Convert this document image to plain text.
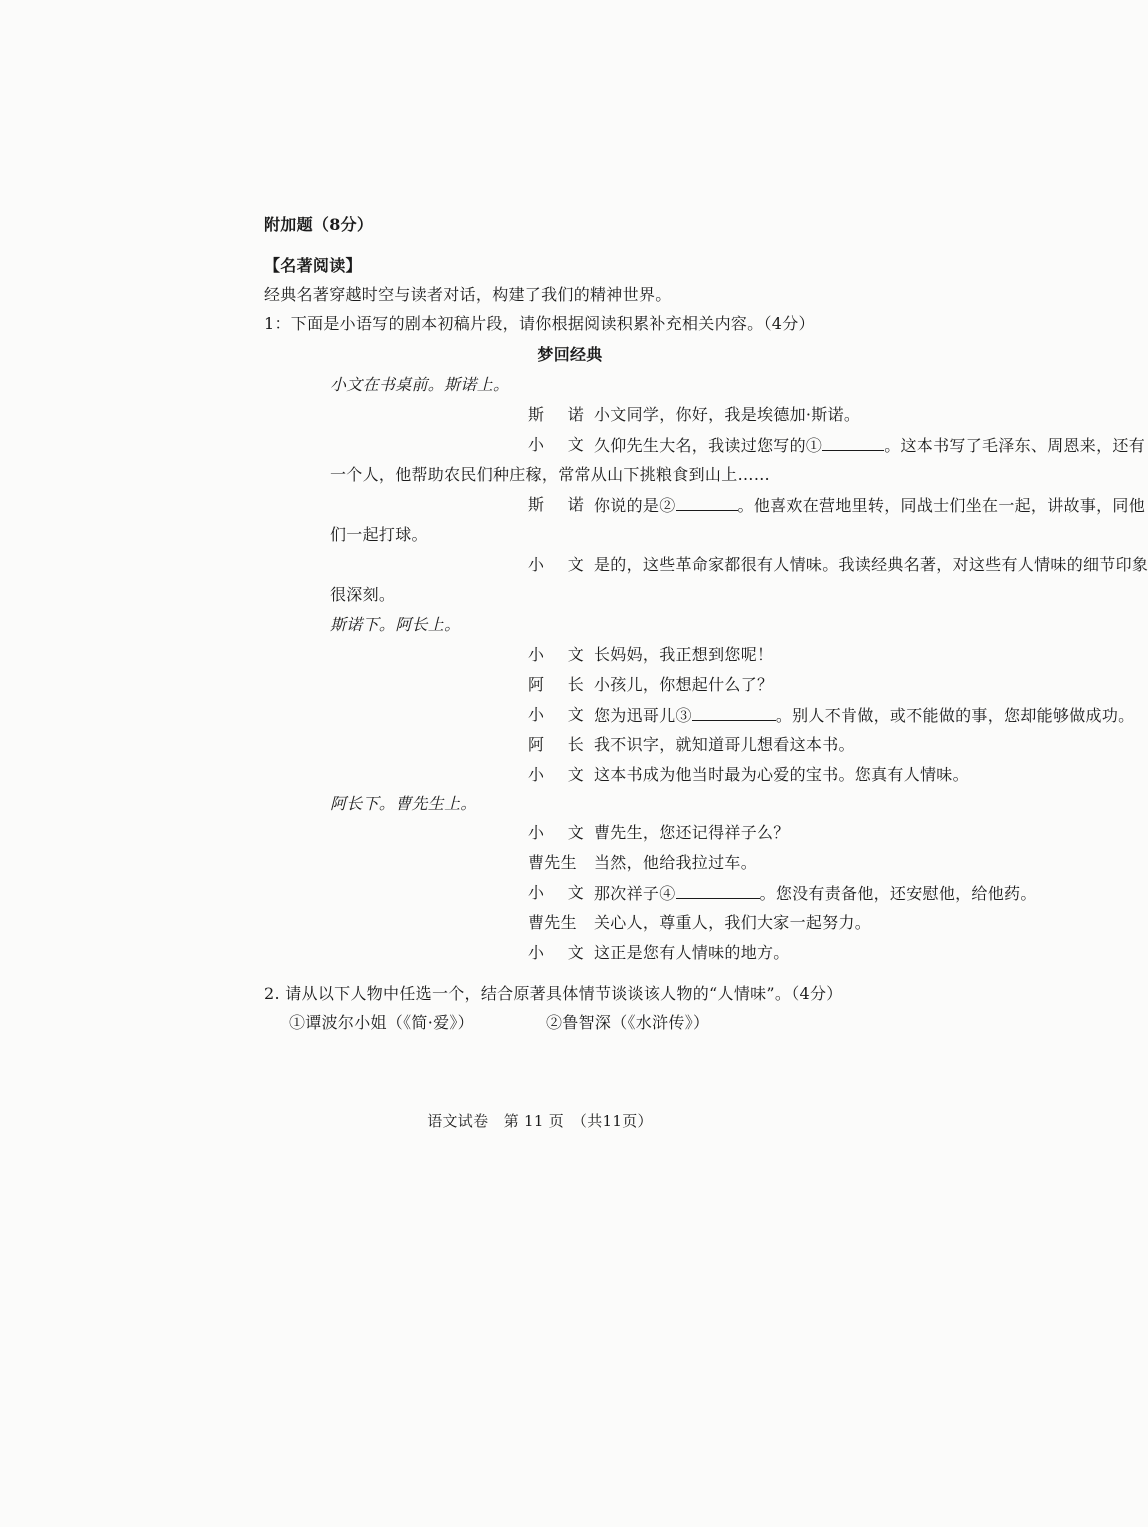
附加题（8分）
【名著阅读】
经典名著穿越时空与读者对话，构建了我们的精神世界。
1：下面是小语写的剧本初稿片段，请你根据阅读积累补充相关内容。（4分）
梦回经典
小文在书桌前。斯诺上。
斯 诺 小文同学，你好，我是埃德加·斯诺。
小 文 久仰先生大名，我读过您写的①	。这本书写了毛泽东、周恩来，还有
一个人，他帮助农民们种庄稼，常常从山下挑粮食到山上……
斯 诺 你说的是②	。他喜欢在营地里转，同战士们坐在一起，讲故事，同他
们一起打球。
小 文 是的，这些革命家都很有人情味。我读经典名著，对这些有人情味的细节印象
很深刻。
斯诺下。阿长上。
小 文 长妈妈，我正想到您呢！
阿 长 小孩儿，你想起什么了？
小 文 您为迅哥儿③	。别人不肯做，或不能做的事，您却能够做成功。
阿 长 我不识字，就知道哥儿想看这本书。
小 文 这本书成为他当时最为心爱的宝书。您真有人情味。
阿长下。曹先生上。
小 文 曹先生，您还记得祥子么？
曹先生	当然，他给我拉过车。
小 文 那次祥子④	。您没有责备他，还安慰他，给他药。
曹先生	关心人，尊重人，我们大家一起努力。
小 文 这正是您有人情味的地方。
2. 请从以下人物中任选一个，结合原著具体情节谈谈该人物的“人情味”。（4分）
①谭波尔小姐（《简·爱》）	②鲁智深（《水浒传》）
语文试卷　第 11 页　（共11页）
